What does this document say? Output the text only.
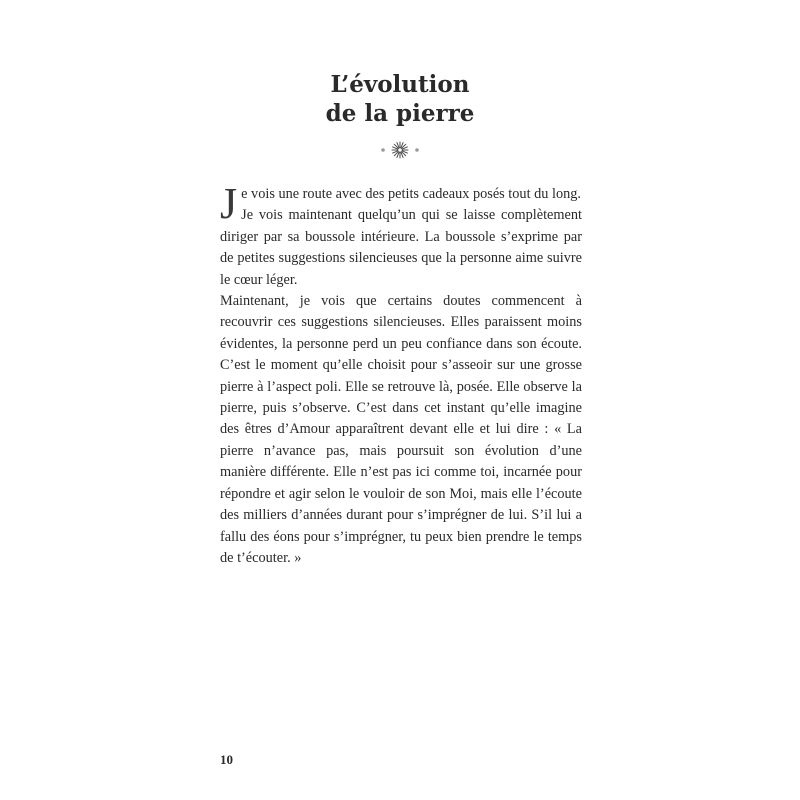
L’évolution
de la pierre

J e vois une route avec des petits cadeaux posés tout du long.

Je vois maintenant quelqu’un qui se laisse complètement diriger par sa boussole intérieure. La boussole s’exprime par de petites suggestions silencieuses que la personne aime suivre le cœur léger.

Maintenant, je vois que certains doutes commencent à recouvrir ces suggestions silencieuses. Elles paraissent moins évidentes, la personne perd un peu confiance dans son écoute. C’est le moment qu’elle choisit pour s’asseoir sur une grosse pierre à l’aspect poli. Elle se retrouve là, posée. Elle observe la pierre, puis s’observe. C’est dans cet instant qu’elle imagine des êtres d’Amour apparaîtrent devant elle et lui dire : « La pierre n’avance pas, mais poursuit son évolution d’une manière différente. Elle n’est pas ici comme toi, incarnée pour répondre et agir selon le vouloir de son Moi, mais elle l’écoute des milliers d’années durant pour s’imprégner de lui. S’il lui a fallu des éons pour s’imprégner, tu peux bien prendre le temps de t’écouter. »

10
